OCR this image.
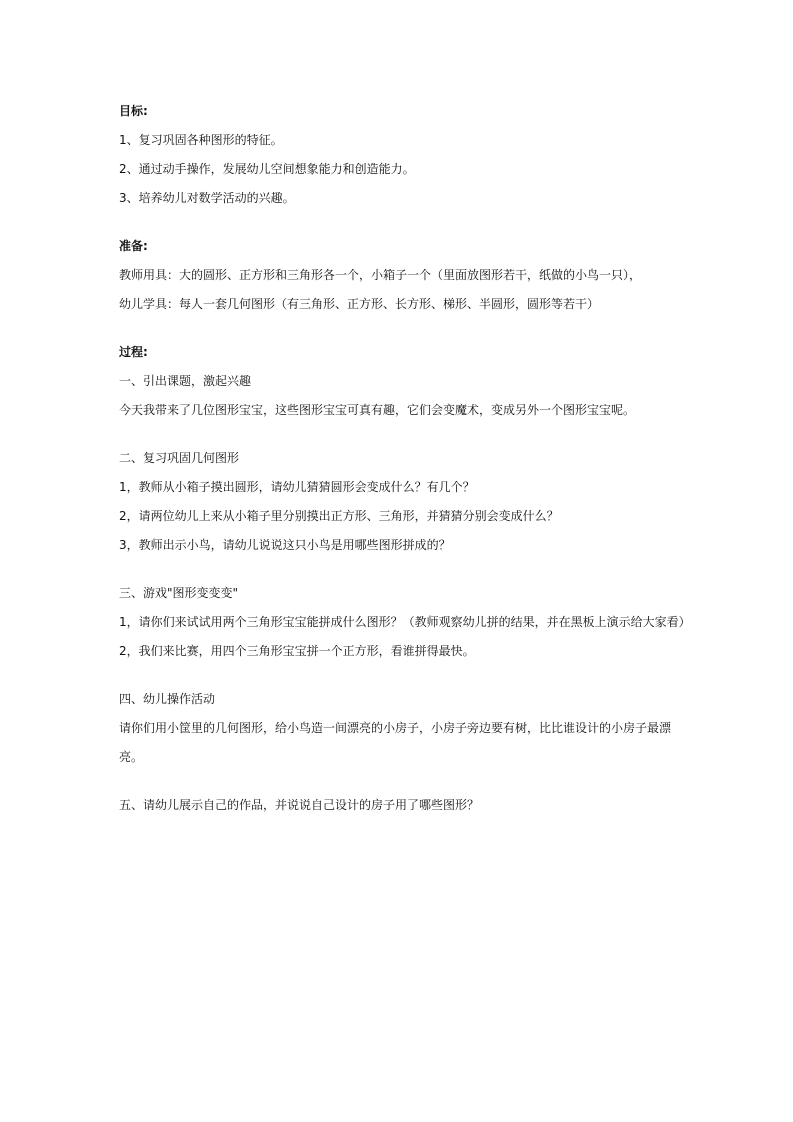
目标:

1、复习巩固各种图形的特征。

2、通过动手操作，发展幼儿空间想象能力和创造能力。

3、培养幼儿对数学活动的兴趣。

准备:

教师用具：大的圆形、正方形和三角形各一个，小箱子一个（里面放图形若干，纸做的小鸟一只），

幼儿学具：每人一套几何图形（有三角形、正方形、长方形、梯形、半圆形，圆形等若干）

过程:

一、引出课题，激起兴趣

今天我带来了几位图形宝宝，这些图形宝宝可真有趣，它们会变魔术，变成另外一个图形宝宝呢。

二、复习巩固几何图形

1，教师从小箱子摸出圆形，请幼儿猜猜圆形会变成什么？有几个？

2，请两位幼儿上来从小箱子里分别摸出正方形、三角形，并猜猜分别会变成什么？

3，教师出示小鸟，请幼儿说说这只小鸟是用哪些图形拼成的？

三、游戏"图形变变变"

1，请你们来试试用两个三角形宝宝能拼成什么图形？（教师观察幼儿拼的结果，并在黑板上演示给大家看）

2，我们来比赛，用四个三角形宝宝拼一个正方形，看谁拼得最快。

四、幼儿操作活动

请你们用小筐里的几何图形，给小鸟造一间漂亮的小房子，小房子旁边要有树，比比谁设计的小房子最漂

亮。

五、请幼儿展示自己的作品，并说说自己设计的房子用了哪些图形？
